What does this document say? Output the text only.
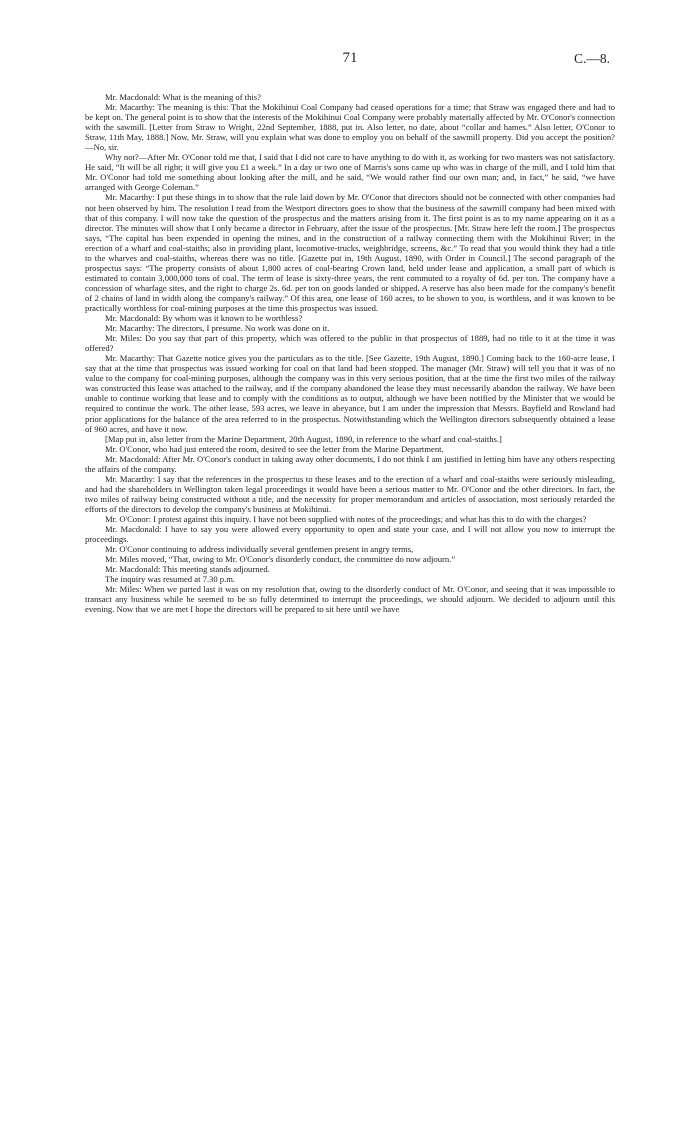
71	C.—8.

Mr. Macdonald: What is the meaning of this?

Mr. Macarthy: The meaning is this: That the Mokihinui Coal Company had ceased operations for a time; that Straw was engaged there and had to be kept on. The general point is to show that the interests of the Mokihinui Coal Company were probably materially affected by Mr. O'Conor's connection with the sawmill. [Letter from Straw to Wright, 22nd September, 1888, put in. Also letter, no date, about “collar and hames.” Also letter, O'Conor to Straw, 11th May, 1888.] Now, Mr. Straw, will you explain what was done to employ you on behalf of the sawmill property. Did you accept the position?—No, sir.

Why not?—After Mr. O'Conor told me that, I said that I did not care to have anything to do with it, as working for two masters was not satisfactory. He said, “It will be all right; it will give you £1 a week.” In a day or two one of Marris's sons came up who was in charge of the mill, and I told him that Mr. O'Conor had told me something about looking after the mill, and he said, “We would rather find our own man; and, in fact,” he said, “we have arranged with George Coleman.”

Mr. Macarthy: I put these things in to show that the rule laid down by Mr. O'Conor that directors should not be connected with other companies had not been observed by him. The resolution I read from the Westport directors goes to show that the business of the sawmill company had been mixed with that of this company. I will now take the question of the prospectus and the matters arising from it. The first point is as to my name appearing on it as a director. The minutes will show that I only became a director in February, after the issue of the prospectus. [Mr. Straw here left the room.] The prospectus says, “The capital has been expended in opening the mines, and in the construction of a railway connecting them with the Mokihinui River; in the erection of a wharf and coal-staiths; also in providing plant, locomotive-trucks, weighbridge, screens, &c.” To read that you would think they had a title to the wharves and coal-staiths, whereas there was no title. [Gazette put in, 19th August, 1890, with Order in Council.] The second paragraph of the prospectus says: “The property consists of about 1,800 acres of coal-bearing Crown land, held under lease and application, a small part of which is estimated to contain 3,000,000 tons of coal. The term of lease is sixty-three years, the rent commuted to a royalty of 6d. per ton. The company have a concession of wharfage sites, and the right to charge 2s. 6d. per ton on goods landed or shipped. A reserve has also been made for the company's benefit of 2 chains of land in width along the company's railway.” Of this area, one lease of 160 acres, to be shown to you, is worthless, and it was known to be practically worthless for coal-mining purposes at the time this prospectus was issued.

Mr. Macdonald: By whom was it known to be worthless?

Mr. Macarthy: The directors, I presume. No work was done on it.

Mr. Miles: Do you say that part of this property, which was offered to the public in that prospectus of 1889, had no title to it at the time it was offered?

Mr. Macarthy: That Gazette notice gives you the particulars as to the title. [See Gazette, 19th August, 1890.] Coming back to the 160-acre lease, I say that at the time that prospectus was issued working for coal on that land had been stopped. The manager (Mr. Straw) will tell you that it was of no value to the company for coal-mining purposes, although the company was in this very serious position, that at the time the first two miles of the railway was constructed this lease was attached to the railway, and if the company abandoned the lease they must necessarily abandon the railway. We have been unable to continue working that lease and to comply with the conditions as to output, although we have been notified by the Minister that we would be required to continue the work. The other lease, 593 acres, we leave in abeyance, but I am under the impression that Messrs. Bayfield and Rowland had prior applications for the balance of the area referred to in the prospectus. Notwithstanding which the Wellington directors subsequently obtained a lease of 960 acres, and have it now.

[Map put in, also letter from the Marine Department, 20th August, 1890, in reference to the wharf and coal-staiths.]

Mr. O'Conor, who had just entered the room, desired to see the letter from the Marine Department.

Mr. Macdonald: After Mr. O'Conor's conduct in taking away other documents, I do not think I am justified in letting him have any others respecting the affairs of the company.

Mr. Macarthy: I say that the references in the prospectus to these leases and to the erection of a wharf and coal-staiths were seriously misleading, and had the shareholders in Wellington taken legal proceedings it would have been a serious matter to Mr. O'Conor and the other directors. In fact, the two miles of railway being constructed without a title, and the necessity for proper memorandum and articles of association, most seriously retarded the efforts of the directors to develop the company's business at Mokihinui.

Mr. O'Conor: I protest against this inquiry. I have not been supplied with notes of the proceedings; and what has this to do with the charges?

Mr. Macdonald: I have to say you were allowed every opportunity to open and state your case, and I will not allow you now to interrupt the proceedings.

Mr. O'Conor continuing to address individually several gentlemen present in angry terms,

Mr. Miles moved, “That, owing to Mr. O'Conor's disorderly conduct, the committee do now adjourn.”

Mr. Macdonald: This meeting stands adjourned.

The inquiry was resumed at 7.30 p.m.

Mr. Miles: When we parted last it was on my resolution that, owing to the disorderly conduct of Mr. O'Conor, and seeing that it was impossible to transact any business while he seemed to be so fully determined to interrupt the proceedings, we should adjourn. We decided to adjourn until this evening. Now that we are met I hope the directors will be prepared to sit here until we have
